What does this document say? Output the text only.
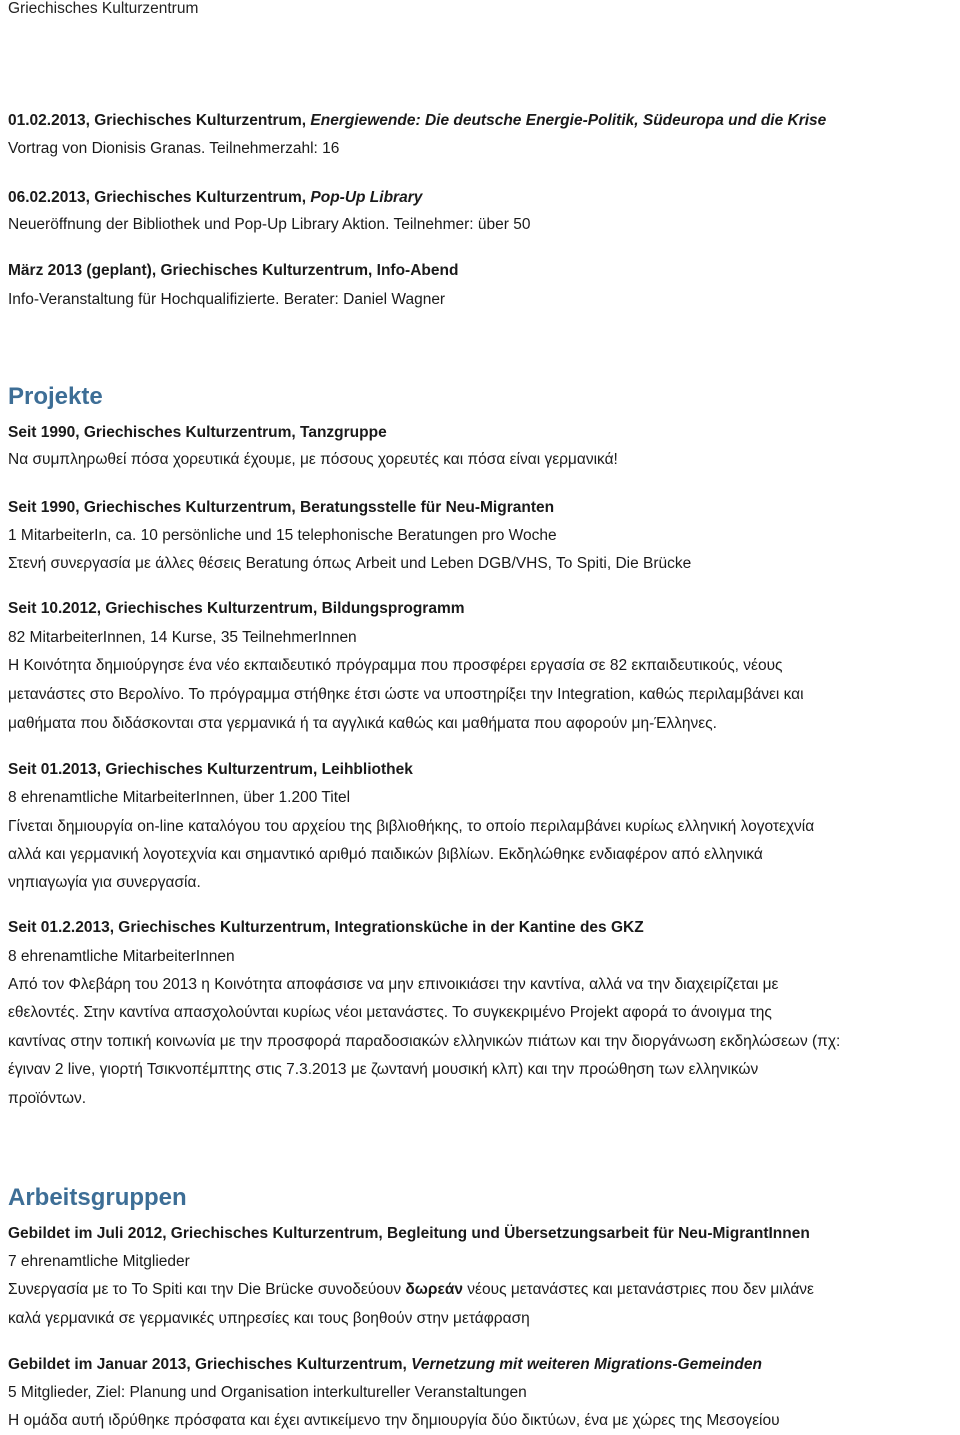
Griechisches Kulturzentrum
01.02.2013, Griechisches Kulturzentrum, Energiewende: Die deutsche Energie-Politik, Südeuropa und die Krise
Vortrag von Dionisis Granas. Teilnehmerzahl: 16
06.02.2013, Griechisches Kulturzentrum, Pop-Up Library
Neueröffnung der Bibliothek und Pop-Up Library Aktion. Teilnehmer: über 50
März 2013 (geplant), Griechisches Kulturzentrum, Info-Abend
Info-Veranstaltung für Hochqualifizierte. Berater: Daniel Wagner
Projekte
Seit 1990, Griechisches Kulturzentrum, Tanzgruppe
Να συμπληρωθεί πόσα χορευτικά έχουμε, με πόσους χορευτές και πόσα είναι γερμανικά!
Seit 1990, Griechisches Kulturzentrum, Beratungsstelle für Neu-Migranten
1 MitarbeiterIn, ca. 10 persönliche und 15 telephonische Beratungen pro Woche
Στενή συνεργασία με άλλες θέσεις Beratung όπως Arbeit und Leben DGB/VHS, To Spiti, Die Brücke
Seit 10.2012, Griechisches Kulturzentrum, Bildungsprogramm
82 MitarbeiterInnen, 14 Kurse, 35 TeilnehmerInnen
Η Κοινότητα δημιούργησε ένα νέο εκπαιδευτικό πρόγραμμα που προσφέρει εργασία σε 82 εκπαιδευτικούς, νέους
μετανάστες στο Βερολίνο. Το πρόγραμμα στήθηκε έτσι ώστε να υποστηρίξει την Integration, καθώς περιλαμβάνει και
μαθήματα που διδάσκονται στα γερμανικά ή τα αγγλικά καθώς και μαθήματα που αφορούν μη-Έλληνες.
Seit 01.2013, Griechisches Kulturzentrum, Leihbliothek
8 ehrenamtliche MitarbeiterInnen, über 1.200 Titel
Γίνεται δημιουργία on-line καταλόγου του αρχείου της βιβλιοθήκης, το οποίο περιλαμβάνει κυρίως ελληνική λογοτεχνία
αλλά και γερμανική λογοτεχνία και σημαντικό αριθμό παιδικών βιβλίων. Εκδηλώθηκε ενδιαφέρον από ελληνικά
νηπιαγωγία για συνεργασία.
Seit 01.2.2013, Griechisches Kulturzentrum, Integrationsküche in der Kantine des GKZ
8 ehrenamtliche MitarbeiterInnen
Από τον Φλεβάρη του 2013 η Κοινότητα αποφάσισε να μην επινοικιάσει την καντίνα, αλλά να την διαχειρίζεται με
εθελοντές. Στην καντίνα απασχολούνται κυρίως νέοι μετανάστες. Το συγκεκριμένο Projekt αφορά το άνοιγμα της
καντίνας στην τοπική κοινωνία με την προσφορά παραδοσιακών ελληνικών πιάτων και την διοργάνωση εκδηλώσεων (πχ:
έγιναν 2 live, γιορτή Τσικνοπέμπτης στις 7.3.2013 με ζωντανή μουσική κλπ) και την προώθηση των ελληνικών
προϊόντων.
Arbeitsgruppen
Gebildet im Juli 2012, Griechisches Kulturzentrum, Begleitung und Übersetzungsarbeit für Neu-MigrantInnen
7 ehrenamtliche Mitglieder
Συνεργασία με το To Spiti και την Die Brücke συνοδεύουν δωρεάν νέους μετανάστες και μετανάστριες που δεν μιλάνε
καλά γερμανικά σε γερμανικές υπηρεσίες και τους βοηθούν στην μετάφραση
Gebildet im Januar 2013, Griechisches Kulturzentrum, Vernetzung mit weiteren Migrations-Gemeinden
5 Mitglieder, Ziel: Planung und Organisation interkultureller Veranstaltungen
Η ομάδα αυτή ιδρύθηκε πρόσφατα και έχει αντικείμενο την δημιουργία δύο δικτύων, ένα με χώρες της Μεσογείου
